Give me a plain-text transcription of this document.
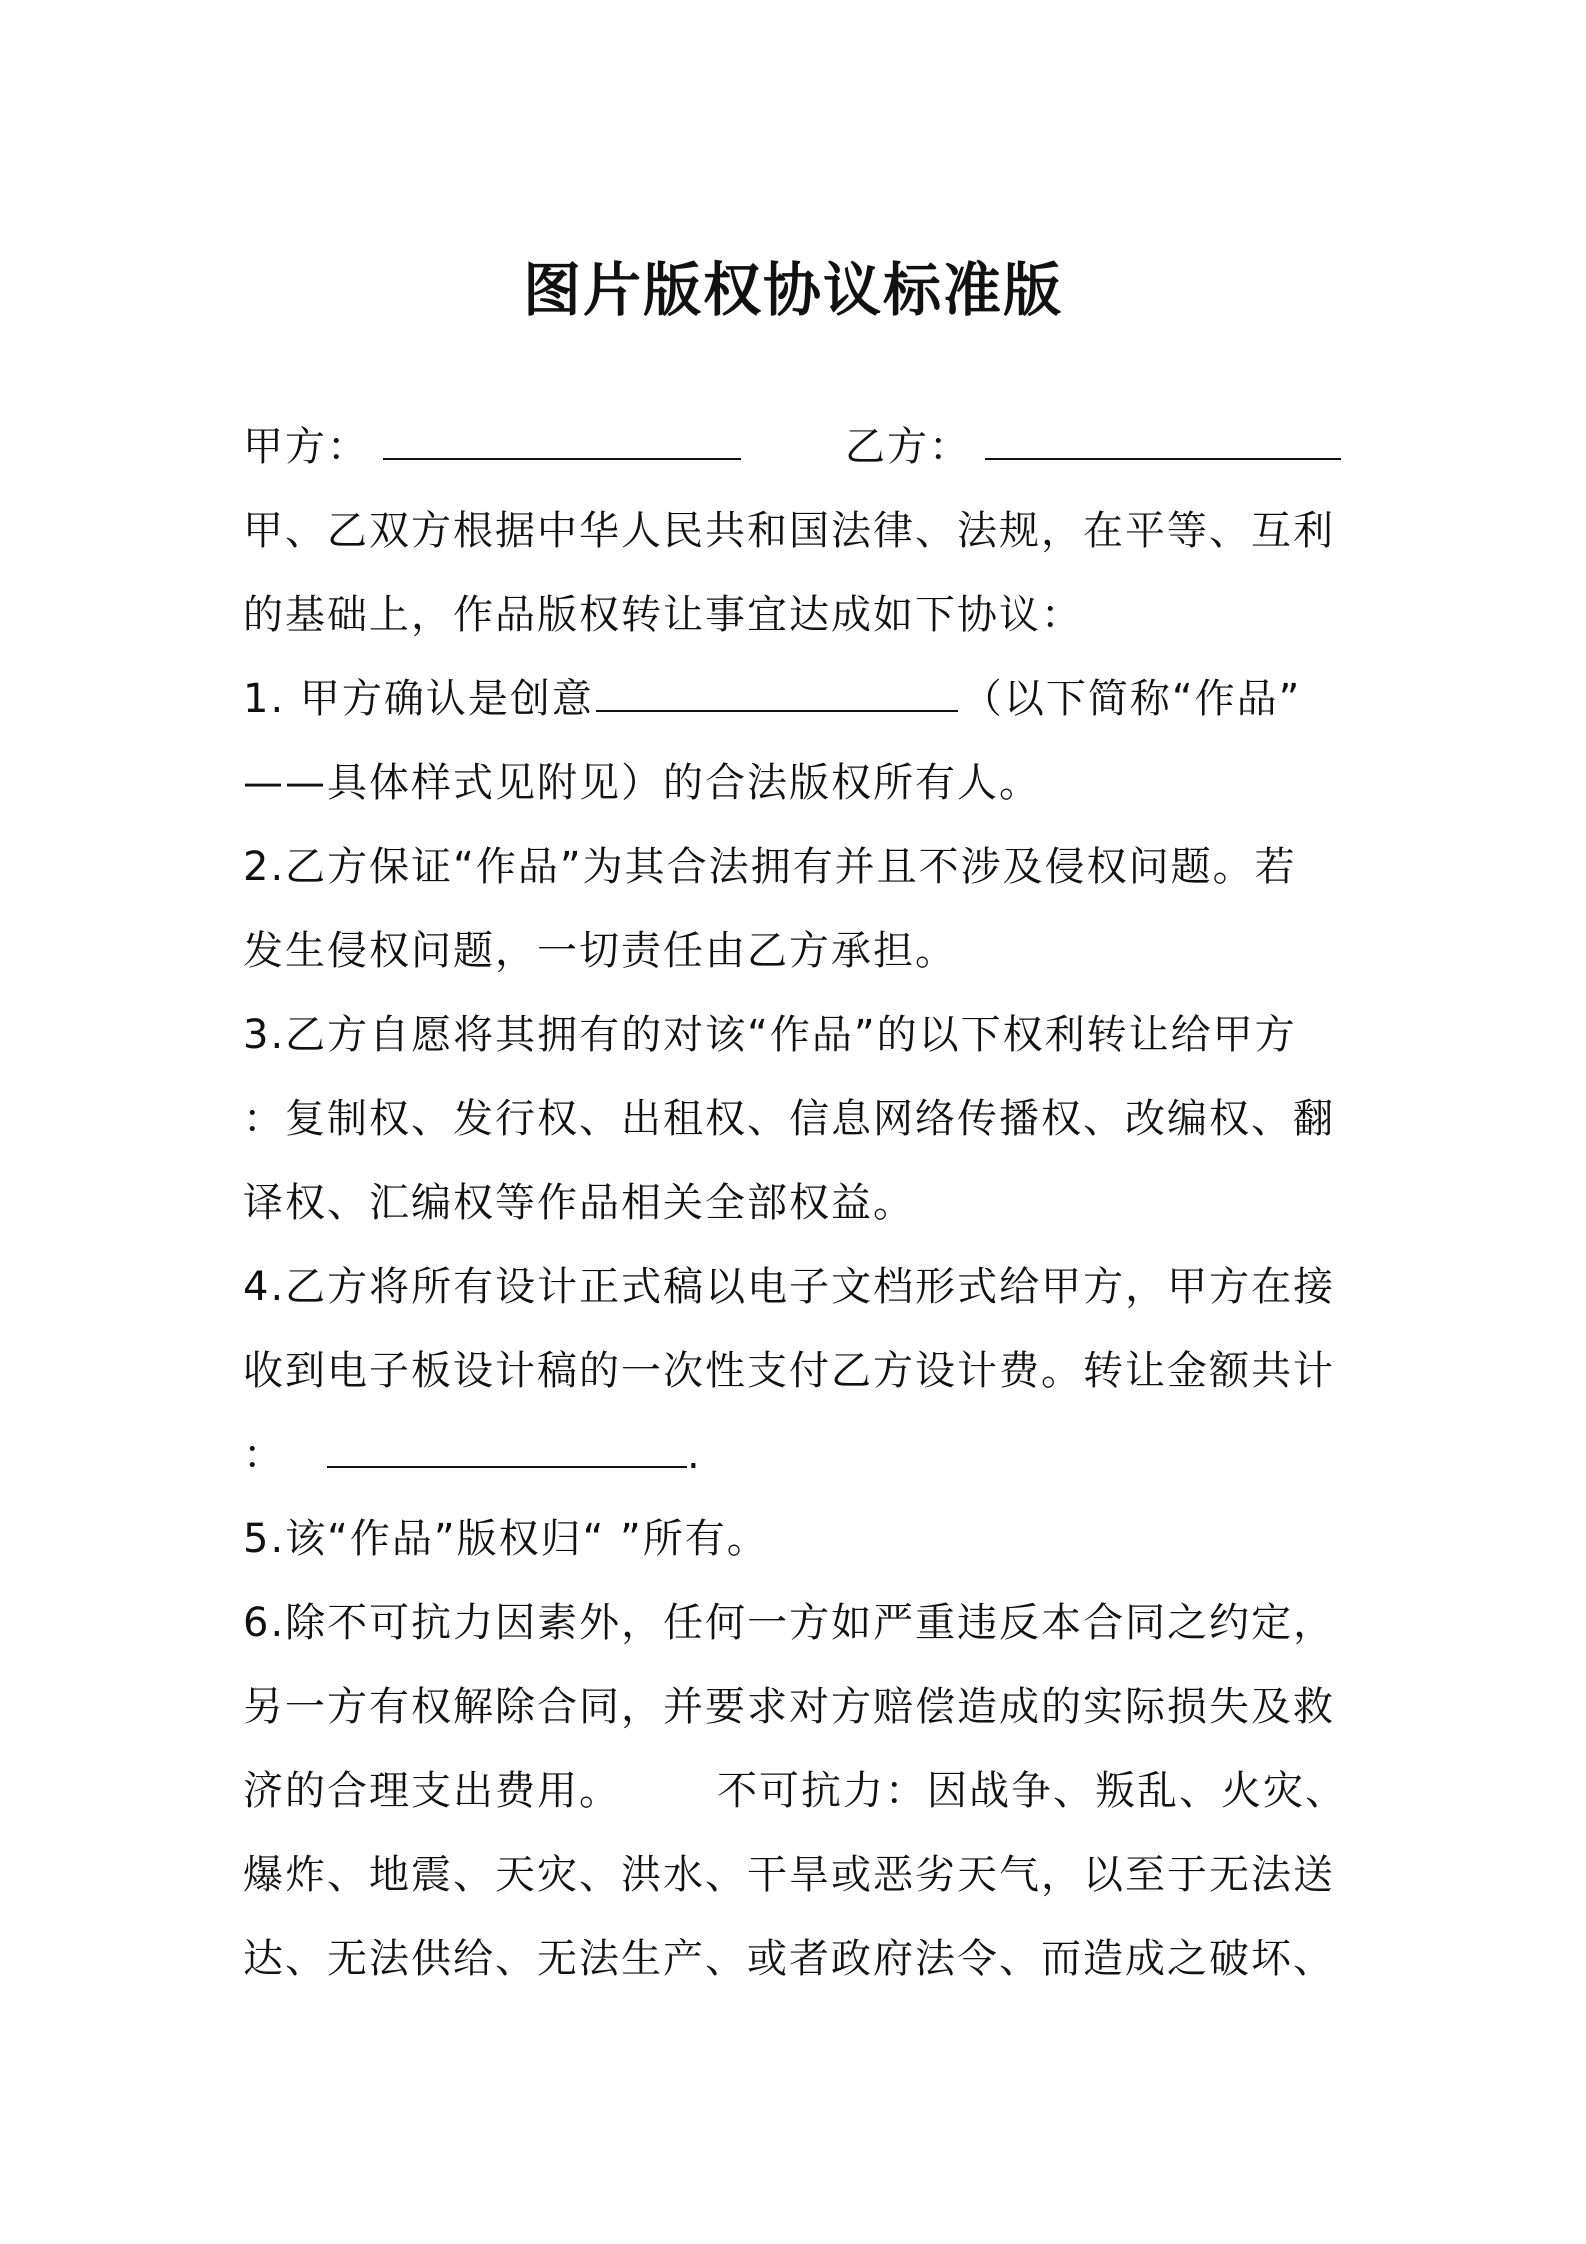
图片版权协议标准版
甲方：	乙方：
甲、乙双方根据中华人民共和国法律、法规，在平等、互利
的基础上，作品版权转让事宜达成如下协议：
1. 甲方确认是创意	（以下简称“作品”
——具体样式见附见）的合法版权所有人。
2.乙方保证“作品”为其合法拥有并且不涉及侵权问题。若
发生侵权问题，一切责任由乙方承担。
3.乙方自愿将其拥有的对该“作品”的以下权利转让给甲方
：复制权、发行权、出租权、信息网络传播权、改编权、翻
译权、汇编权等作品相关全部权益。
4.乙方将所有设计正式稿以电子文档形式给甲方，甲方在接
收到电子板设计稿的一次性支付乙方设计费。转让金额共计
：	.
5.该“作品”版权归“ ”所有。
6.除不可抗力因素外，任何一方如严重违反本合同之约定，
另一方有权解除合同，并要求对方赔偿造成的实际损失及救
济的合理支出费用。 不可抗力：因战争、叛乱、火灾、
爆炸、地震、天灾、洪水、干旱或恶劣天气，以至于无法送
达、无法供给、无法生产、或者政府法令、而造成之破坏、
